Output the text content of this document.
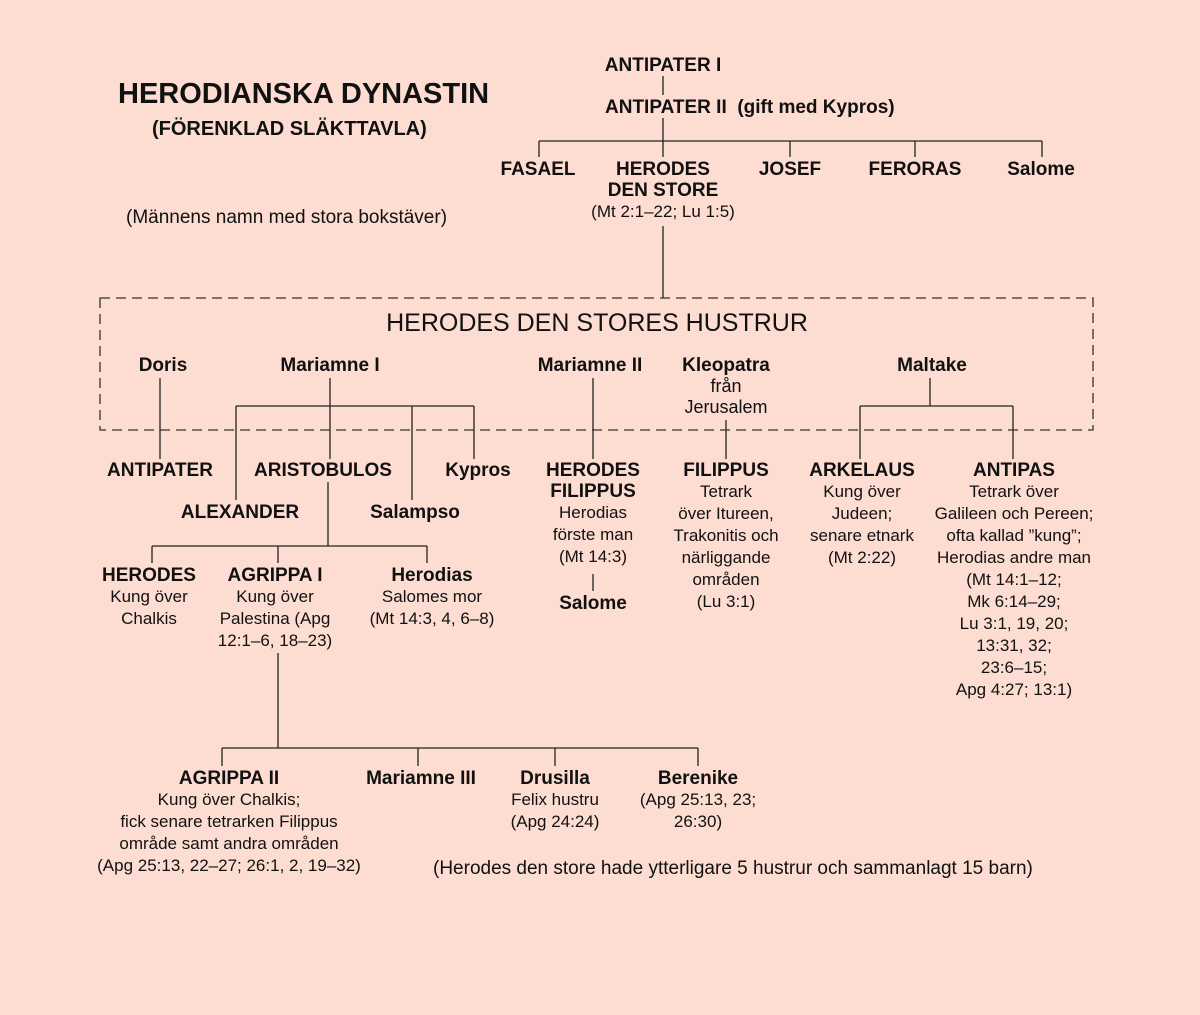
HERODIANSKA DYNASTIN
(FÖRENKLAD SLÄKTTAVLA)
(Männens namn med stora bokstäver)
ANTIPATER I
ANTIPATER II (gift med Kypros)
FASAEL	HERODES
DEN STORE
(Mt 2:1–22; Lu 1:5)
JOSEF FERORAS Salome
HERODES DEN STORES HUSTRUR
Doris	Mariamne I	Mariamne II Kleopatra
från
Jerusalem
Maltake
ANTIPATER ARISTOBULOS	Kypros
ALEXANDER	Salampso
HERODES
FILIPPUS
Herodias
förste man
(Mt 14:3)
Salome
FILIPPUS
Tetrark
över Itureen,
Trakonitis och
närliggande
områden
(Lu 3:1)
ARKELAUS
Kung över
Judeen;
senare etnark
(Mt 2:22)
ANTIPAS
Tetrark över
Galileen och Pereen;
ofta kallad ”kung”;
Herodias andre man
(Mt 14:1–12;
Mk 6:14–29;
Lu 3:1, 19, 20;
13:31, 32;
23:6–15;
Apg 4:27; 13:1)
HERODES
Kung över
Chalkis
AGRIPPA I
Kung över
Palestina (Apg
12:1–6, 18–23)
Herodias
Salomes mor
(Mt 14:3, 4, 6–8)
AGRIPPA II
Kung över Chalkis;
fick senare tetrarken Filippus
område samt andra områden
(Apg 25:13, 22–27; 26:1, 2, 19–32)
Mariamne III	Drusilla
Felix hustru
(Apg 24:24)
Berenike
(Apg 25:13, 23;
26:30)
(Herodes den store hade ytterligare 5 hustrur och sammanlagt 15 barn)
